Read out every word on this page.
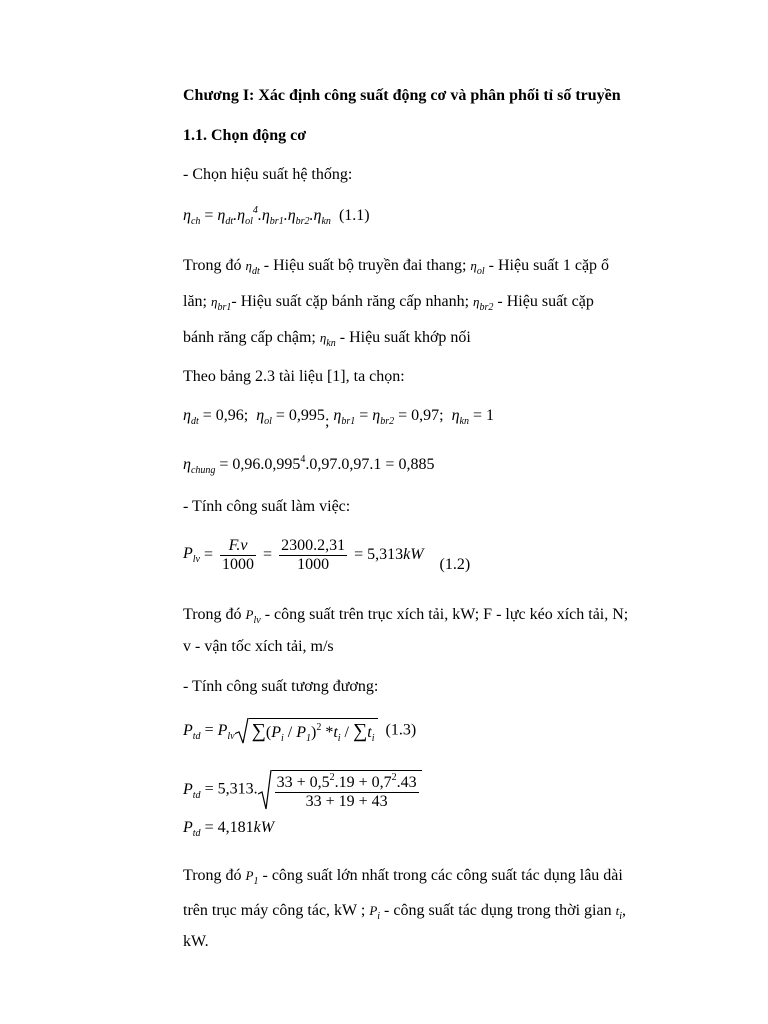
Chương I: Xác định công suất động cơ và phân phối tỉ số truyền
1.1. Chọn động cơ
- Chọn hiệu suất hệ thống:
$\eta_{ch} = \eta_{dt}.\eta_{ol}^4.\eta_{br1}.\eta_{br2}.\eta_{kn}$ (1.1)
Trong đó $\eta_{dt}$ - Hiệu suất bộ truyền đai thang; $\eta_{ol}$ - Hiệu suất 1 cặp ổ
lăn; $\eta_{br1}-$ Hiệu suất cặp bánh răng cấp nhanh; $\eta_{br2}$ - Hiệu suất cặp
bánh răng cấp chậm; $\eta_{kn}$ - Hiệu suất khớp nối
Theo bảng 2.3 tài liệu [1], ta chọn:
$\eta_{dt} = 0,96$; $\eta_{ol} = 0,995$; $\eta_{br1} = \eta_{br2} = 0,97$; $\eta_{kn} = 1$
$\eta_{chung} = 0,96.0,995^4.0,97.0,97.1 = 0,885$
- Tính công suất làm việc:
$P_{lv} = \frac{F.v}{1000} = \frac{2300.2,31}{1000} = 5,313kW$    (1.2)
Trong đó $P_{lv}$ - công suất trên trục xích tải, kW; F - lực kéo xích tải, N;
v - vận tốc xích tải, m/s
- Tính công suất tương đương:
$P_{td} = P_{lv}$ $\sum(P_i / P_1)^2$ $*t_i / \sum t_i$ (1.3)
$P_{td} = 5,313$. $\frac{33 + 0,5^2.19 + 0,7^2.43}{33 + 19 + 43}$
$P_{td} = 4,181kW$
Trong đó $P_1$ - công suất lớn nhất trong các công suất tác dụng lâu dài
trên trục máy công tác, kW ; $P_i$ - công suất tác dụng trong thời gian $t_i$,
kW.
